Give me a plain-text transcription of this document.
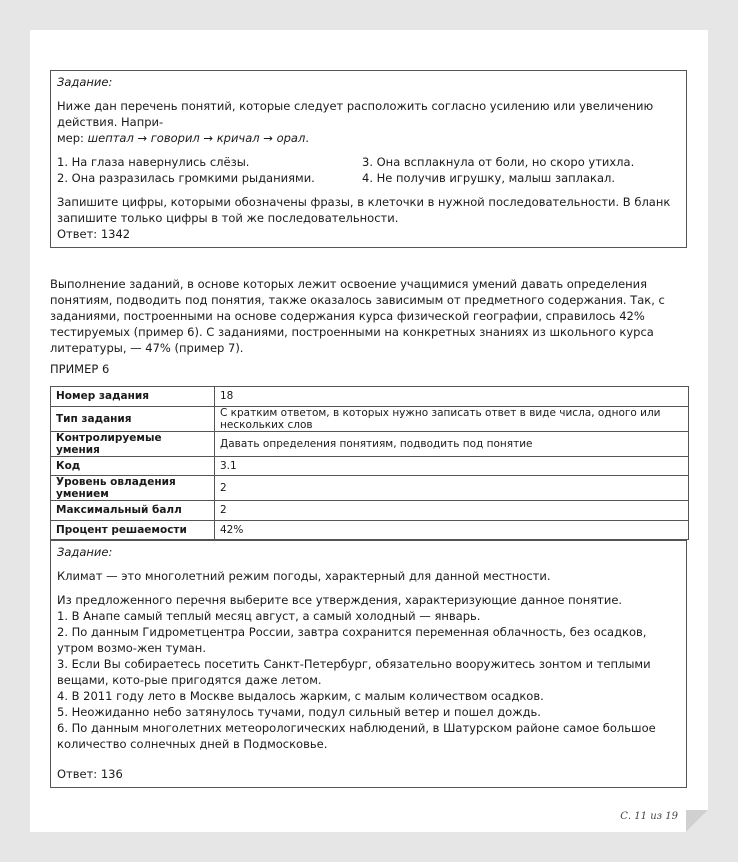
Задание:

Ниже дан перечень понятий, которые следует расположить согласно усилению или увеличению действия. Напри-
мер: шептал → говорил → кричал → орал.

1. На глаза навернулись слёзы.	3. Она всплакнула от боли, но скоро утихла.
2. Она разразилась громкими рыданиями.	4. Не получив игрушку, малыш заплакал.

Запишите цифры, которыми обозначены фразы, в клеточки в нужной последовательности. В бланк запишите только цифры в той же последовательности.

Ответ: 1342

Выполнение заданий, в основе которых лежит освоение учащимися умений давать определения понятиям, подводить под понятия, также оказалось зависимым от предметного содержания. Так, с заданиями, построенными на основе содержания курса физической географии, справилось 42% тестируемых (пример 6). С заданиями, построенными на конкретных знаниях из школьного курса литературы, — 47% (пример 7).

ПРИМЕР 6

Номер задания	18
Тип задания	С кратким ответом, в которых нужно записать ответ в виде числа, одного или нескольких слов
Контролируемые умения	Давать определения понятиям, подводить под понятие
Код	3.1
Уровень овладения умением	2
Максимальный балл	2
Процент решаемости	42%

Задание:

Климат — это многолетний режим погоды, характерный для данной местности.

Из предложенного перечня выберите все утверждения, характеризующие данное понятие.

1. В Анапе самый теплый месяц август, а самый холодный — январь.

2. По данным Гидрометцентра России, завтра сохранится переменная облачность, без осадков, утром возмо-жен туман.

3. Если Вы собираетесь посетить Санкт-Петербург, обязательно вооружитесь зонтом и теплыми вещами, кото-рые пригодятся даже летом.

4. В 2011 году лето в Москве выдалось жарким, с малым количеством осадков.

5. Неожиданно небо затянулось тучами, подул сильный ветер и пошел дождь.

6. По данным многолетних метеорологических наблюдений, в Шатурском районе самое большое количество солнечных дней в Подмосковье.

Ответ: 136

С. 11 из 19
